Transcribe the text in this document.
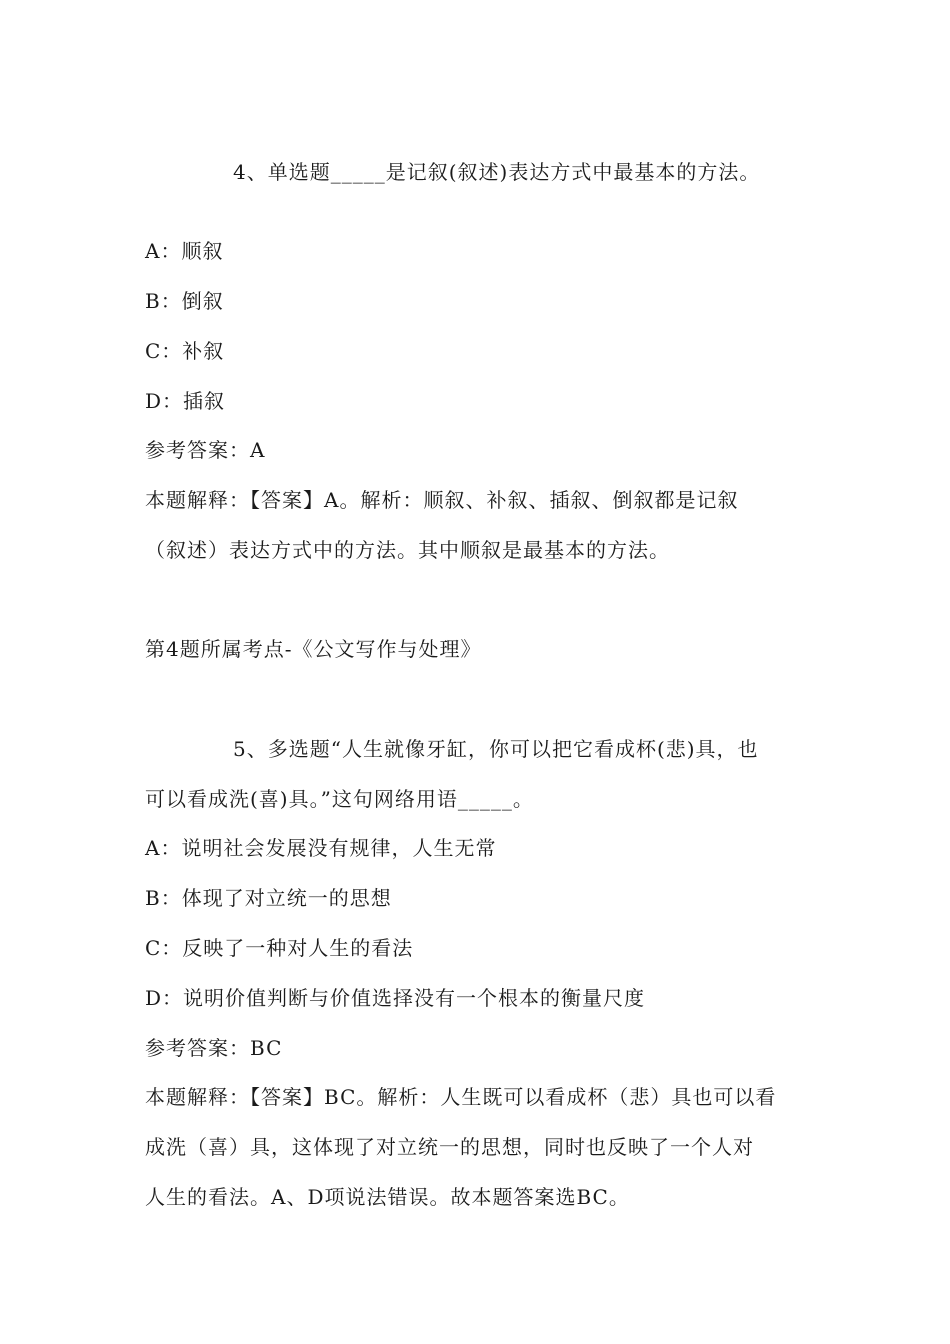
4、单选题_____是记叙(叙述)表达方式中最基本的方法。
A：顺叙
B：倒叙
C：补叙
D：插叙
参考答案：A
本题解释：【答案】A。解析：顺叙、补叙、插叙、倒叙都是记叙
（叙述）表达方式中的方法。其中顺叙是最基本的方法。
第4题所属考点-《公文写作与处理》
5、多选题“人生就像牙缸，你可以把它看成杯(悲)具，也
可以看成洗(喜)具。”这句网络用语_____。
A：说明社会发展没有规律，人生无常
B：体现了对立统一的思想
C：反映了一种对人生的看法
D：说明价值判断与价值选择没有一个根本的衡量尺度
参考答案：BC
本题解释：【答案】BC。解析：人生既可以看成杯（悲）具也可以看
成洗（喜）具，这体现了对立统一的思想，同时也反映了一个人对
人生的看法。A、D项说法错误。故本题答案选BC。
